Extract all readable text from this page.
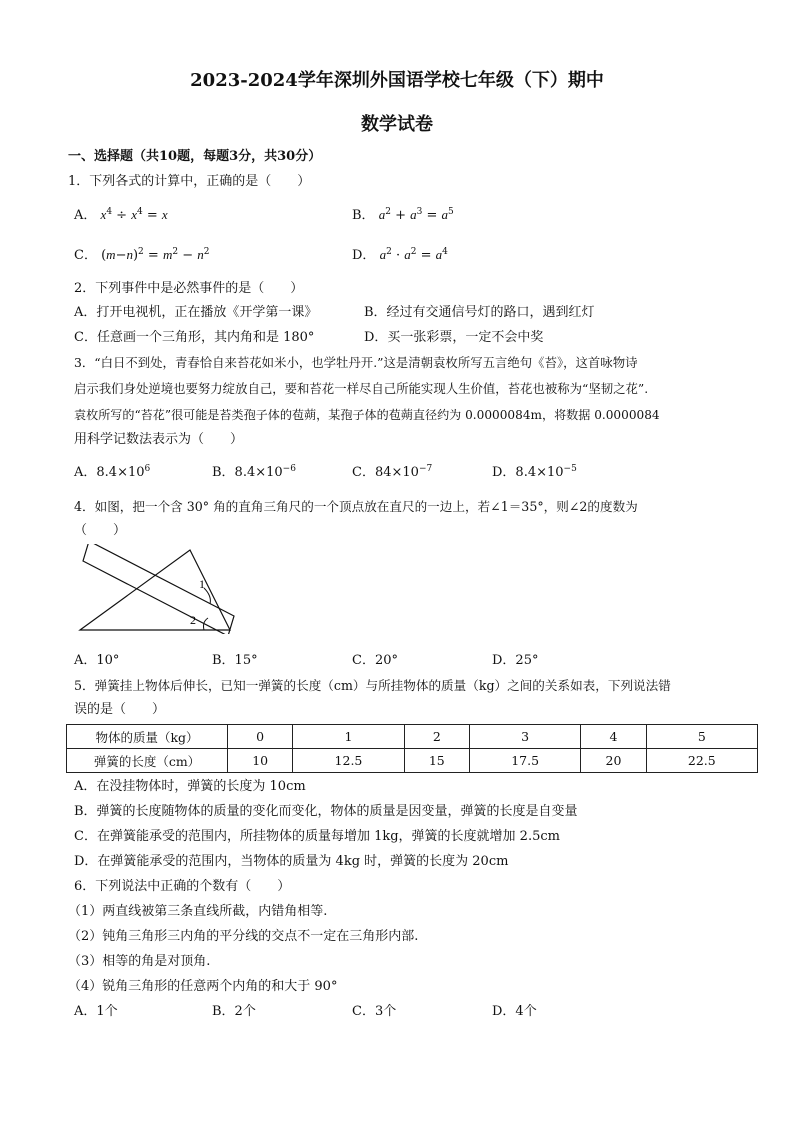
2023-2024学年深圳外国语学校七年级（下）期中
数学试卷
一、选择题（共10题，每题3分，共30分）
1．下列各式的计算中，正确的是（　　）
A． $x^4 \div x^4 = x$	B． $a^2 + a^3 = a^5$
C． $(m-n)^2 = m^2 - n^2$	D． $a^2 \cdot a^2 = a^4$
2．下列事件中是必然事件的是（　　）
A．打开电视机，正在播放《开学第一课》	B．经过有交通信号灯的路口，遇到红灯
C．任意画一个三角形，其内角和是 180°	D．买一张彩票，一定不会中奖
3．“白日不到处，青春恰自来苔花如米小，也学牡丹开.”这是清朝袁枚所写五言绝句《苔》，这首咏物诗
启示我们身处逆境也要努力绽放自己，要和苔花一样尽自己所能实现人生价值，苔花也被称为“坚韧之花”.
袁枚所写的“苔花”很可能是苔类孢子体的苞蒴，某孢子体的苞蒴直径约为 0.0000084m，将数据 0.0000084
用科学记数法表示为（　　）
A．$8.4\times 10^6$	B．$8.4\times 10^{-6}$	C．$84\times 10^{-7}$	D．$8.4\times 10^{-5}$
4．如图，把一个含 30° 角的直角三角尺的一个顶点放在直尺的一边上，若∠1＝35°，则∠2的度数为
（　　）
1
2
A．10°	B．15°	C．20°	D．25°
5．弹簧挂上物体后伸长，已知一弹簧的长度（cm）与所挂物体的质量（kg）之间的关系如表，下列说法错
误的是（　　）
物体的质量（kg）	0	1	2	3	4	5
弹簧的长度（cm）	10	12.5	15	17.5	20	22.5
A．在没挂物体时，弹簧的长度为 10cm
B．弹簧的长度随物体的质量的变化而变化，物体的质量是因变量，弹簧的长度是自变量
C．在弹簧能承受的范围内，所挂物体的质量每增加 1kg，弹簧的长度就增加 2.5cm
D．在弹簧能承受的范围内，当物体的质量为 4kg 时，弹簧的长度为 20cm
6．下列说法中正确的个数有（　　）
（1）两直线被第三条直线所截，内错角相等.
（2）钝角三角形三内角的平分线的交点不一定在三角形内部.
（3）相等的角是对顶角.
（4）锐角三角形的任意两个内角的和大于 90°
A．1个	B．2个	C．3个	D．4个
